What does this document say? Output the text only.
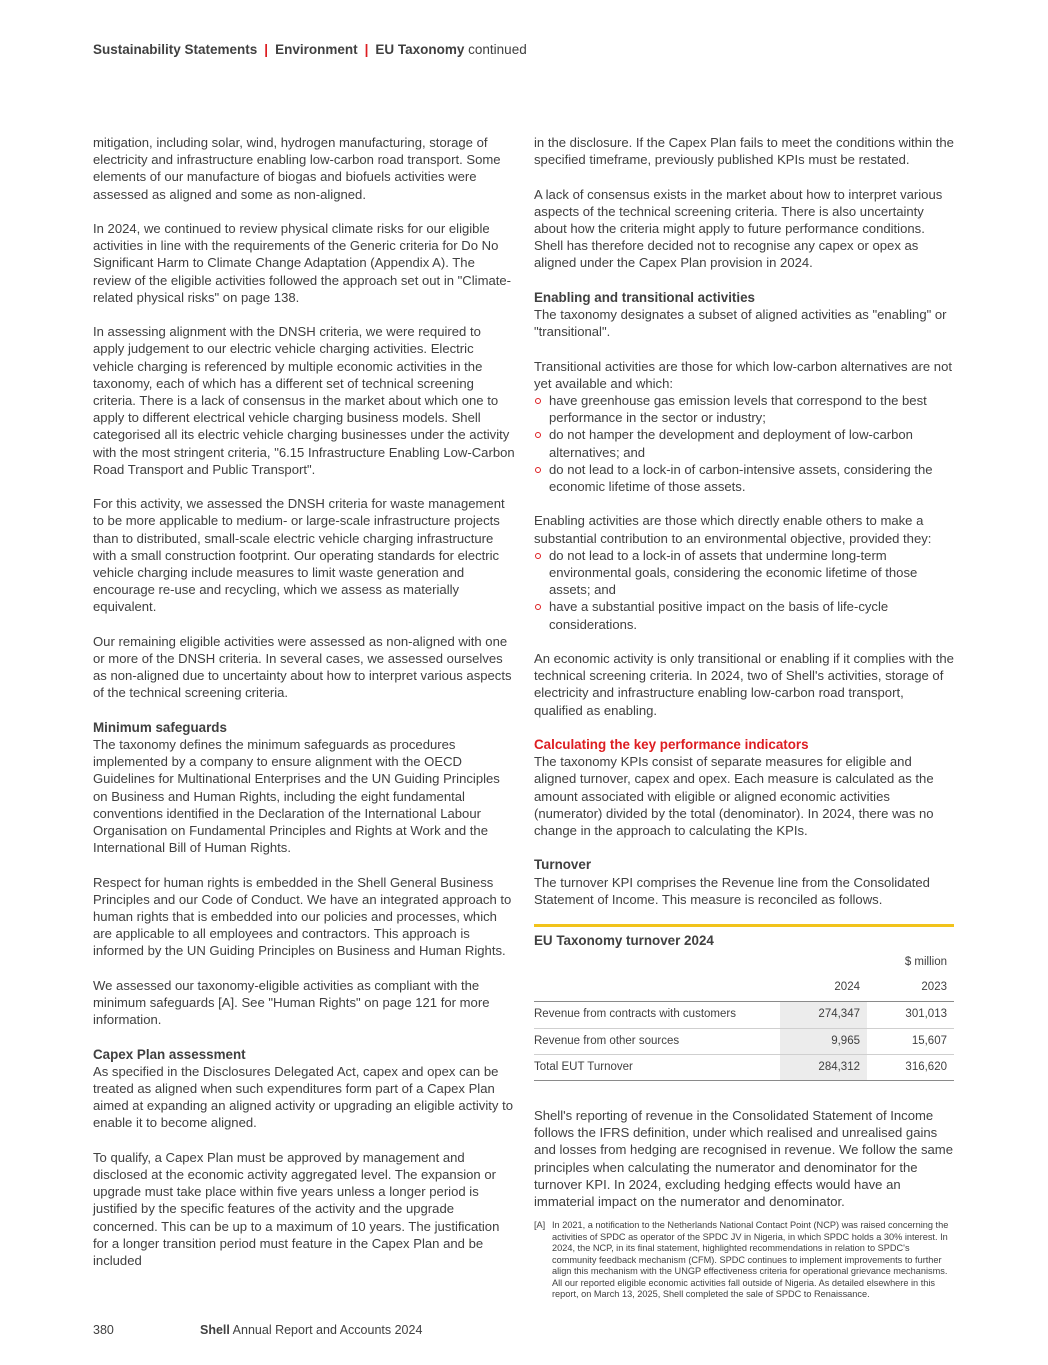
Sustainability Statements | Environment | EU Taxonomy continued

mitigation, including solar, wind, hydrogen manufacturing, storage of electricity and infrastructure enabling low-carbon road transport. Some elements of our manufacture of biogas and biofuels activities were assessed as aligned and some as non-aligned.

In 2024, we continued to review physical climate risks for our eligible activities in line with the requirements of the Generic criteria for Do No Significant Harm to Climate Change Adaptation (Appendix A). The review of the eligible activities followed the approach set out in "Climate-related physical risks" on page 138.

In assessing alignment with the DNSH criteria, we were required to apply judgement to our electric vehicle charging activities. Electric vehicle charging is referenced by multiple economic activities in the taxonomy, each of which has a different set of technical screening criteria. There is a lack of consensus in the market about which one to apply to different electrical vehicle charging business models. Shell categorised all its electric vehicle charging businesses under the activity with the most stringent criteria, "6.15 Infrastructure Enabling Low-Carbon Road Transport and Public Transport".

For this activity, we assessed the DNSH criteria for waste management to be more applicable to medium- or large-scale infrastructure projects than to distributed, small-scale electric vehicle charging infrastructure with a small construction footprint. Our operating standards for electric vehicle charging include measures to limit waste generation and encourage re-use and recycling, which we assess as materially equivalent.

Our remaining eligible activities were assessed as non-aligned with one or more of the DNSH criteria. In several cases, we assessed ourselves as non-aligned due to uncertainty about how to interpret various aspects of the technical screening criteria.

Minimum safeguards

The taxonomy defines the minimum safeguards as procedures implemented by a company to ensure alignment with the OECD Guidelines for Multinational Enterprises and the UN Guiding Principles on Business and Human Rights, including the eight fundamental conventions identified in the Declaration of the International Labour Organisation on Fundamental Principles and Rights at Work and the International Bill of Human Rights.

Respect for human rights is embedded in the Shell General Business Principles and our Code of Conduct. We have an integrated approach to human rights that is embedded into our policies and processes, which are applicable to all employees and contractors. This approach is informed by the UN Guiding Principles on Business and Human Rights.

We assessed our taxonomy-eligible activities as compliant with the minimum safeguards [A]. See "Human Rights" on page 121 for more information.

Capex Plan assessment

As specified in the Disclosures Delegated Act, capex and opex can be treated as aligned when such expenditures form part of a Capex Plan aimed at expanding an aligned activity or upgrading an eligible activity to enable it to become aligned.

To qualify, a Capex Plan must be approved by management and disclosed at the economic activity aggregated level. The expansion or upgrade must take place within five years unless a longer period is justified by the specific features of the activity and the upgrade concerned. This can be up to a maximum of 10 years. The justification for a longer transition period must feature in the Capex Plan and be included

in the disclosure. If the Capex Plan fails to meet the conditions within the specified timeframe, previously published KPIs must be restated.

A lack of consensus exists in the market about how to interpret various aspects of the technical screening criteria. There is also uncertainty about how the criteria might apply to future performance conditions. Shell has therefore decided not to recognise any capex or opex as aligned under the Capex Plan provision in 2024.

Enabling and transitional activities

The taxonomy designates a subset of aligned activities as "enabling" or "transitional".

Transitional activities are those for which low-carbon alternatives are not yet available and which:

have greenhouse gas emission levels that correspond to the best performance in the sector or industry;
do not hamper the development and deployment of low-carbon alternatives; and
do not lead to a lock-in of carbon-intensive assets, considering the economic lifetime of those assets.

Enabling activities are those which directly enable others to make a substantial contribution to an environmental objective, provided they:

do not lead to a lock-in of assets that undermine long-term environmental goals, considering the economic lifetime of those assets; and
have a substantial positive impact on the basis of life-cycle considerations.

An economic activity is only transitional or enabling if it complies with the technical screening criteria. In 2024, two of Shell's activities, storage of electricity and infrastructure enabling low-carbon road transport, qualified as enabling.

Calculating the key performance indicators

The taxonomy KPIs consist of separate measures for eligible and aligned turnover, capex and opex. Each measure is calculated as the amount associated with eligible or aligned economic activities (numerator) divided by the total (denominator). In 2024, there was no change in the approach to calculating the KPIs.

Turnover

The turnover KPI comprises the Revenue line from the Consolidated Statement of Income. This measure is reconciled as follows.

EU Taxonomy turnover 2024
		$ million
	2024	2023
Revenue from contracts with customers	274,347	301,013
Revenue from other sources	9,965	15,607
Total EUT Turnover	284,312	316,620

Shell's reporting of revenue in the Consolidated Statement of Income follows the IFRS definition, under which realised and unrealised gains and losses from hedging are recognised in revenue. We follow the same principles when calculating the numerator and denominator for the turnover KPI. In 2024, excluding hedging effects would have an immaterial impact on the numerator and denominator.

[A] In 2021, a notification to the Netherlands National Contact Point (NCP) was raised concerning the activities of SPDC as operator of the SPDC JV in Nigeria, in which SPDC holds a 30% interest. In 2024, the NCP, in its final statement, highlighted recommendations in relation to SPDC's community feedback mechanism (CFM). SPDC continues to implement improvements to further align this mechanism with the UNGP effectiveness criteria for operational grievance mechanisms. All our reported eligible economic activities fall outside of Nigeria. As detailed elsewhere in this report, on March 13, 2025, Shell completed the sale of SPDC to Renaissance.
380	Shell Annual Report and Accounts 2024
